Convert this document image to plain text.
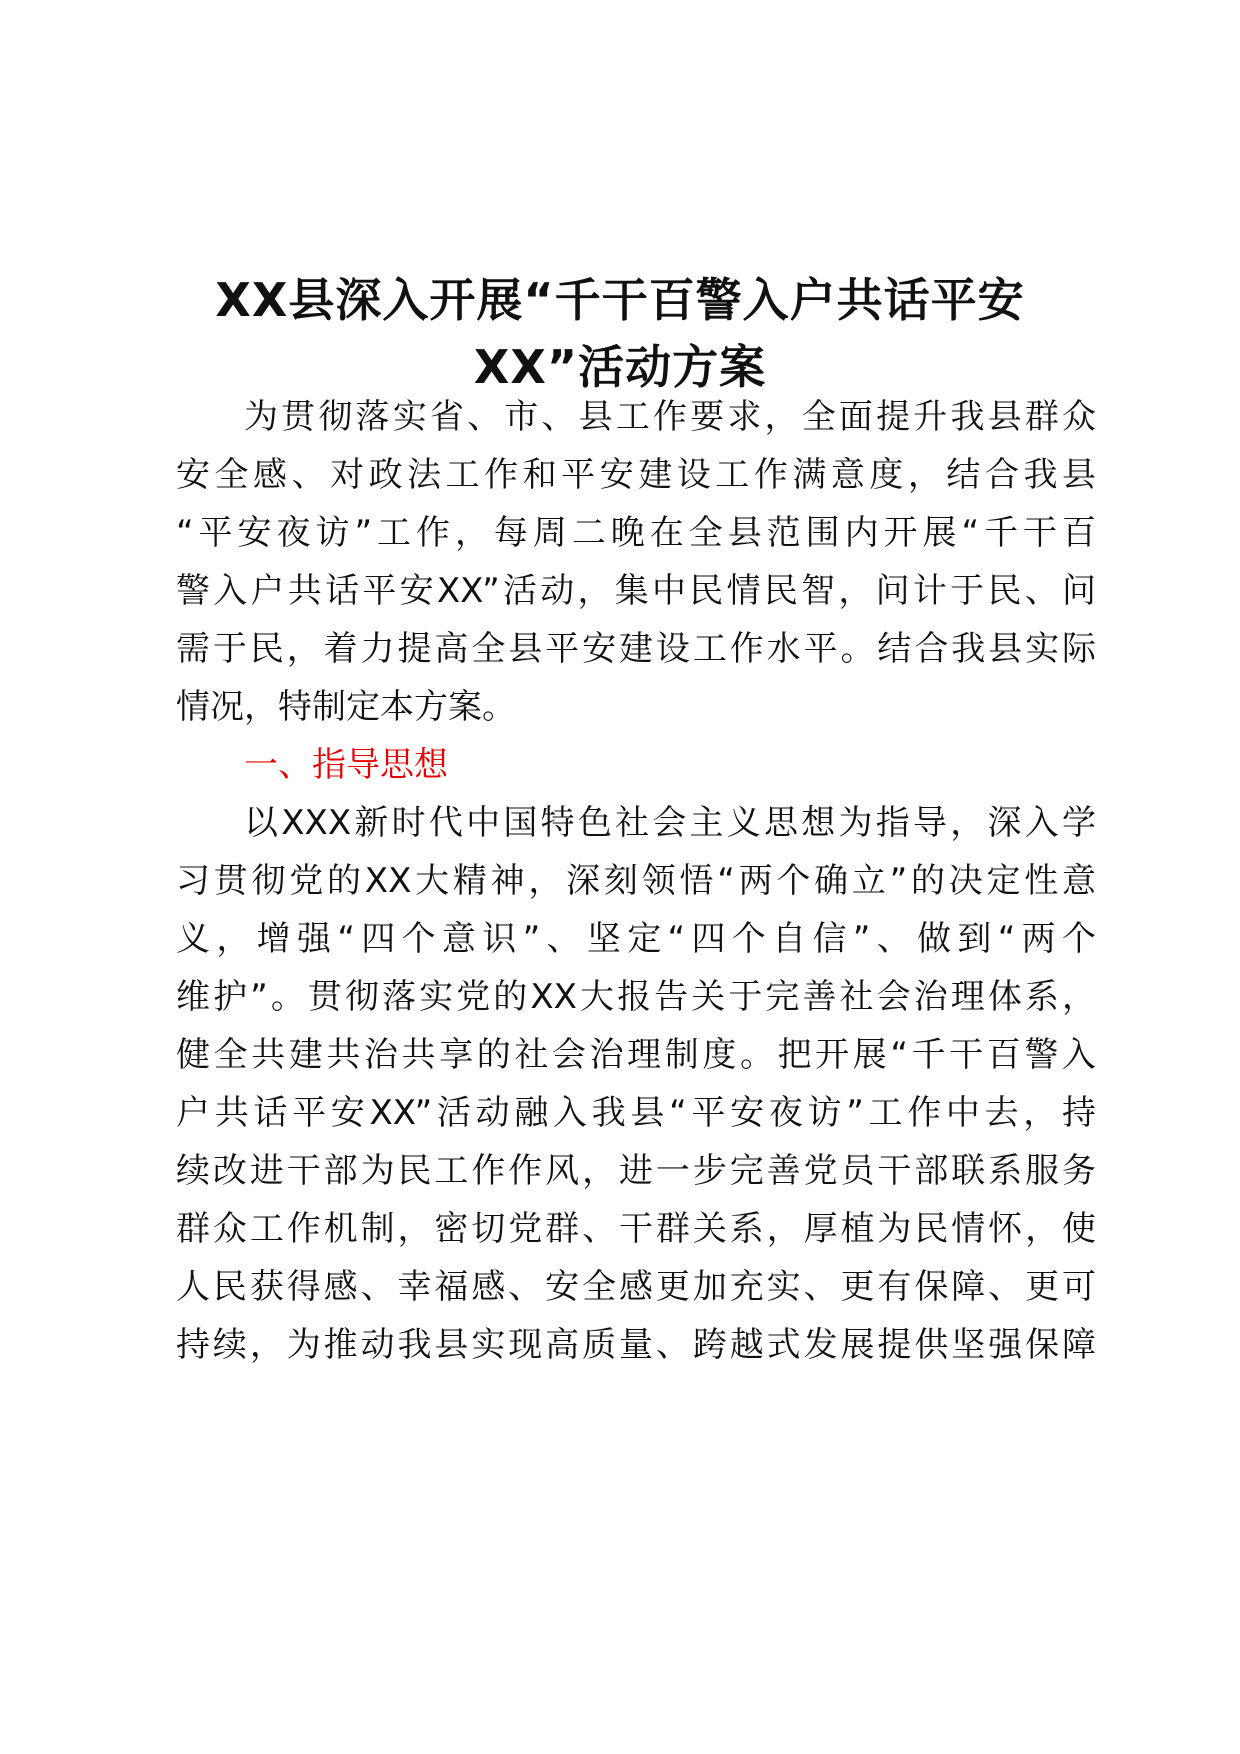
XX县深入开展“千干百警入户共话平安
XX”活动方案
为贯彻落实省、市、县工作要求，全面提升我县群众
安全感、对政法工作和平安建设工作满意度，结合我县
“平安夜访”工作，每周二晚在全县范围内开展“千干百
警入户共话平安XX”活动，集中民情民智，问计于民、问
需于民，着力提高全县平安建设工作水平。结合我县实际
情况，特制定本方案。
一、指导思想
以XXX新时代中国特色社会主义思想为指导，深入学
习贯彻党的XX大精神，深刻领悟“两个确立”的决定性意
义，增强“四个意识”、坚定“四个自信”、做到“两个
维护”。贯彻落实党的XX大报告关于完善社会治理体系，
健全共建共治共享的社会治理制度。把开展“千干百警入
户共话平安XX”活动融入我县“平安夜访”工作中去，持
续改进干部为民工作作风，进一步完善党员干部联系服务
群众工作机制，密切党群、干群关系，厚植为民情怀，使
人民获得感、幸福感、安全感更加充实、更有保障、更可
持续，为推动我县实现高质量、跨越式发展提供坚强保障
